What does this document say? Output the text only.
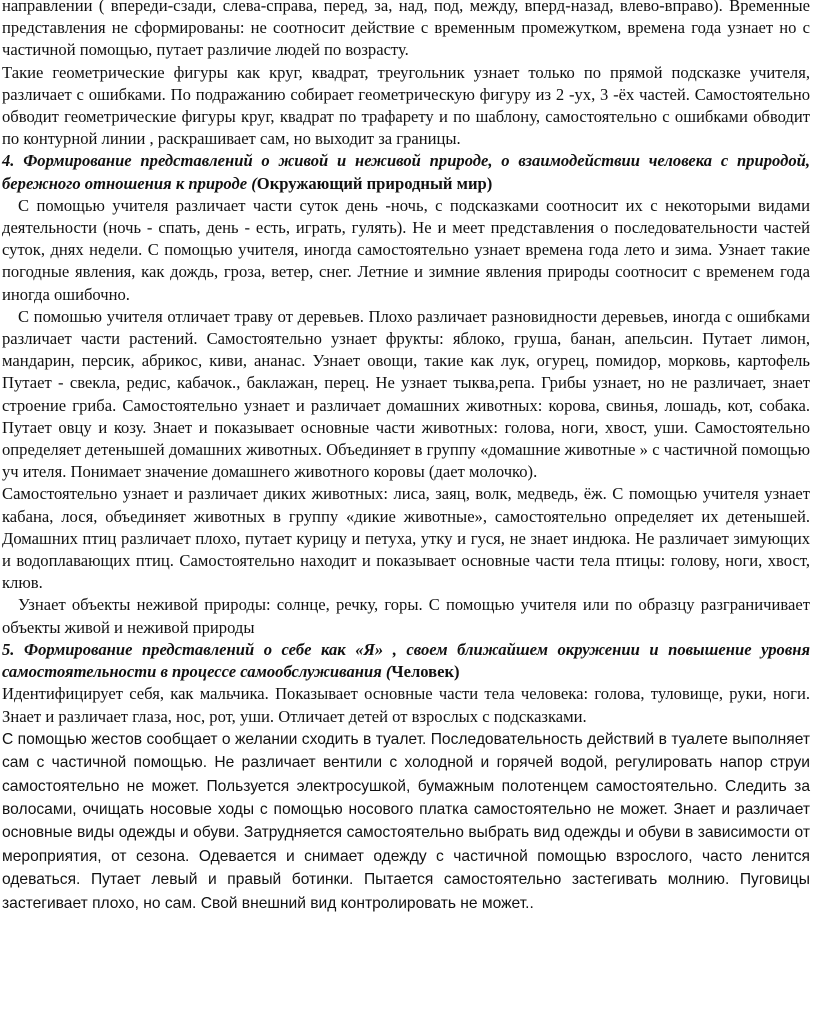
направлении ( впереди-сзади, слева-справа, перед, за, над, под, между, вперд-назад, влево-вправо). Временные представления не сформированы: не соотносит действие с временным промежутком, времена года узнает но с частичной помощью, путает различие людей по возрасту.

Такие геометрические фигуры как круг, квадрат, треугольник узнает только по прямой подсказке учителя, различает с ошибками. По подражанию собирает геометрическую фигуру из 2 -ух, 3 -ёх частей. Самостоятельно обводит геометрические фигуры круг, квадрат по трафарету и по шаблону, самостоятельно с ошибками обводит по контурной линии , раскрашивает сам, но выходит за границы.

4. Формирование представлений о живой и неживой природе, о взаимодействии человека с природой, бережного отношения к природе (Окружающий природный мир)

С помощью учителя различает части суток день -ночь, с подсказками соотносит их с некоторыми видами деятельности (ночь - спать, день - есть, играть, гулять). Не и меет представления о последовательности частей суток, днях недели. С помощью учителя, иногда самостоятельно узнает времена года лето и зима. Узнает такие погодные явления, как дождь, гроза, ветер, снег. Летние и зимние явления природы соотносит с временем года иногда ошибочно.

С помошью учителя отличает траву от деревьев. Плохо различает разновидности деревьев, иногда с ошибками различает части растений. Самостоятельно узнает фрукты: яблоко, груша, банан, апельсин. Путает лимон, мандарин, персик, абрикос, киви, ананас. Узнает овощи, такие как лук, огурец, помидор, морковь, картофель Путает - свекла, редис, кабачок., баклажан, перец. Не узнает тыква,репа. Грибы узнает, но не различает, знает строение гриба. Самостоятельно узнает и различает домашних животных: корова, свинья, лошадь, кот, собака. Путает овцу и козу. Знает и показывает основные части животных: голова, ноги, хвост, уши. Самостоятельно определяет детенышей домашних животных. Объединяет в группу «домашние животные » с частичной помощью уч ителя. Понимает значение домашнего животного коровы (дает молочко).

Самостоятельно узнает и различает диких животных: лиса, заяц, волк, медведь, ёж. С помощью учителя узнает кабана, лося, объединяет животных в группу «дикие животные», самостоятельно определяет их детенышей. Домашних птиц различает плохо, путает курицу и петуха, утку и гуся, не знает индюка. Не различает зимующих и водоплавающих птиц. Самостоятельно находит и показывает основные части тела птицы: голову, ноги, хвост, клюв.

Узнает объекты неживой природы: солнце, речку, горы. С помощью учителя или по образцу разграничивает объекты живой и неживой природы

5. Формирование представлений о себе как «Я» , своем ближайшем окружении и повышение уровня самостоятельности в процессе самообслуживания (Человек)

Идентифицирует себя, как мальчика. Показывает основные части тела человека: голова, туловище, руки, ноги. Знает и различает глаза, нос, рот, уши. Отличает детей от взрослых с подсказками.

С помощью жестов сообщает о желании сходить в туалет. Последовательность действий в туалете выполняет сам с частичной помощью. Не различает вентили с холодной и горячей водой, регулировать напор струи самостоятельно не может. Пользуется электросушкой, бумажным полотенцем самостоятельно. Следить за волосами, очищать носовые ходы с помощью носового платка самостоятельно не может. Знает и различает основные виды одежды и обуви. Затрудняется самостоятельно выбрать вид одежды и обуви в зависимости от мероприятия, от сезона. Одевается и снимает одежду с частичной помощью взрослого, часто ленится одеваться. Путает левый и правый ботинки. Пытается самостоятельно застегивать молнию. Пуговицы застегивает плохо, но сам. Свой внешний вид контролировать не может..
